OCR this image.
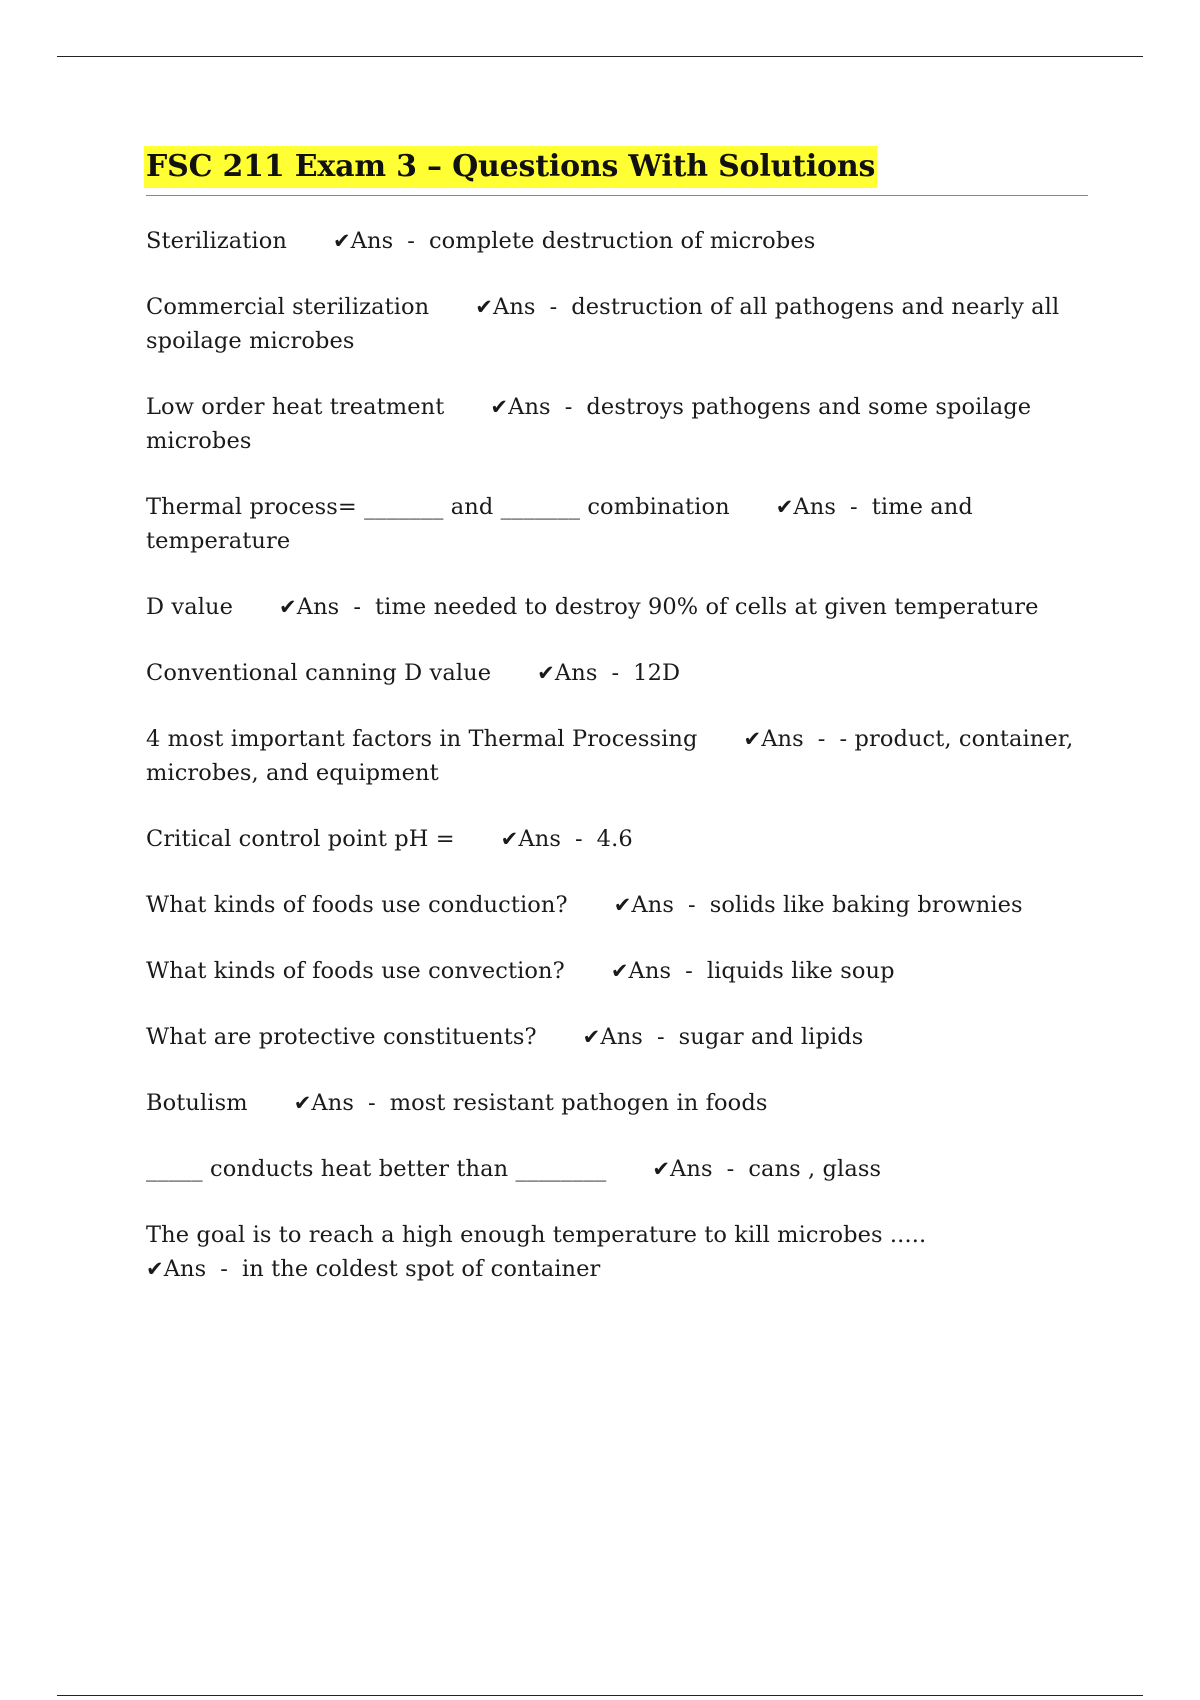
FSC 211 Exam 3 – Questions With Solutions
Sterilization ✔Ans - complete destruction of microbes
Commercial sterilization ✔Ans - destruction of all pathogens and nearly all spoilage microbes
Low order heat treatment ✔Ans - destroys pathogens and some spoilage microbes
Thermal process= _______ and _______ combination ✔Ans - time and temperature
D value ✔Ans - time needed to destroy 90% of cells at given temperature
Conventional canning D value ✔Ans - 12D
4 most important factors in Thermal Processing ✔Ans - - product, container, microbes, and equipment
Critical control point pH = ✔Ans - 4.6
What kinds of foods use conduction? ✔Ans - solids like baking brownies
What kinds of foods use convection? ✔Ans - liquids like soup
What are protective constituents? ✔Ans - sugar and lipids
Botulism ✔Ans - most resistant pathogen in foods
_____ conducts heat better than ________ ✔Ans - cans , glass
The goal is to reach a high enough temperature to kill microbes .....
✔Ans - in the coldest spot of container
